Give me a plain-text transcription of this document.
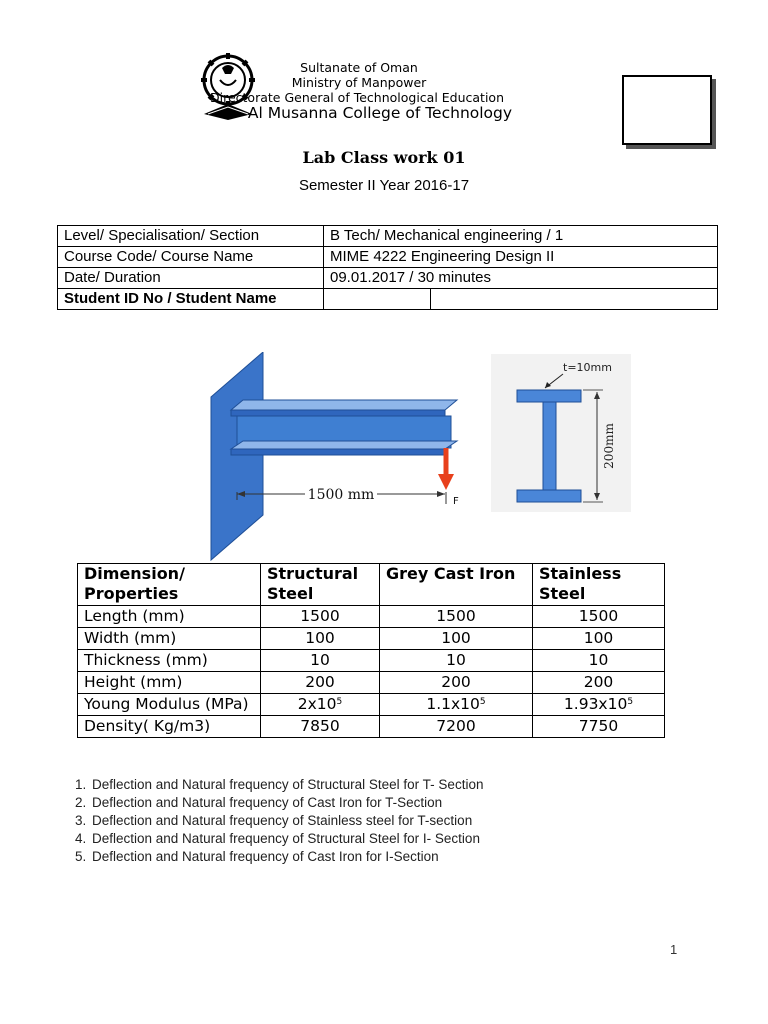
Sultanate of Oman
Ministry of Manpower
Directorate General of Technological Education
Al Musanna College of Technology
Lab Class work 01
Semester II Year 2016-17
Level/ Specialisation/ Section	B Tech/ Mechanical engineering / 1	
Course Code/ Course Name	MIME 4222 Engineering Design II	
Date/ Duration	09.01.2017 / 30 minutes	
Student ID No / Student Name		
1500 mm	F
t=10mm
200mm
Dimension/ Properties	Structural Steel	Grey Cast Iron	Stainless Steel
Length (mm)	1500	1500	1500
Width (mm)	100	100	100
Thickness (mm)	10	10	10
Height (mm)	200	200	200
Young Modulus (MPa)	$2x10^5$	$1.1x10^5$	$1.93x10^5$
Density( Kg/m3)	7850	7200	7750
1. Deflection and Natural frequency of Structural Steel for T- Section
2. Deflection and Natural frequency of Cast Iron for T-Section
3. Deflection and Natural frequency of Stainless steel for T-section
4. Deflection and Natural frequency of Structural Steel for I- Section
5. Deflection and Natural frequency of Cast Iron for I-Section
1
